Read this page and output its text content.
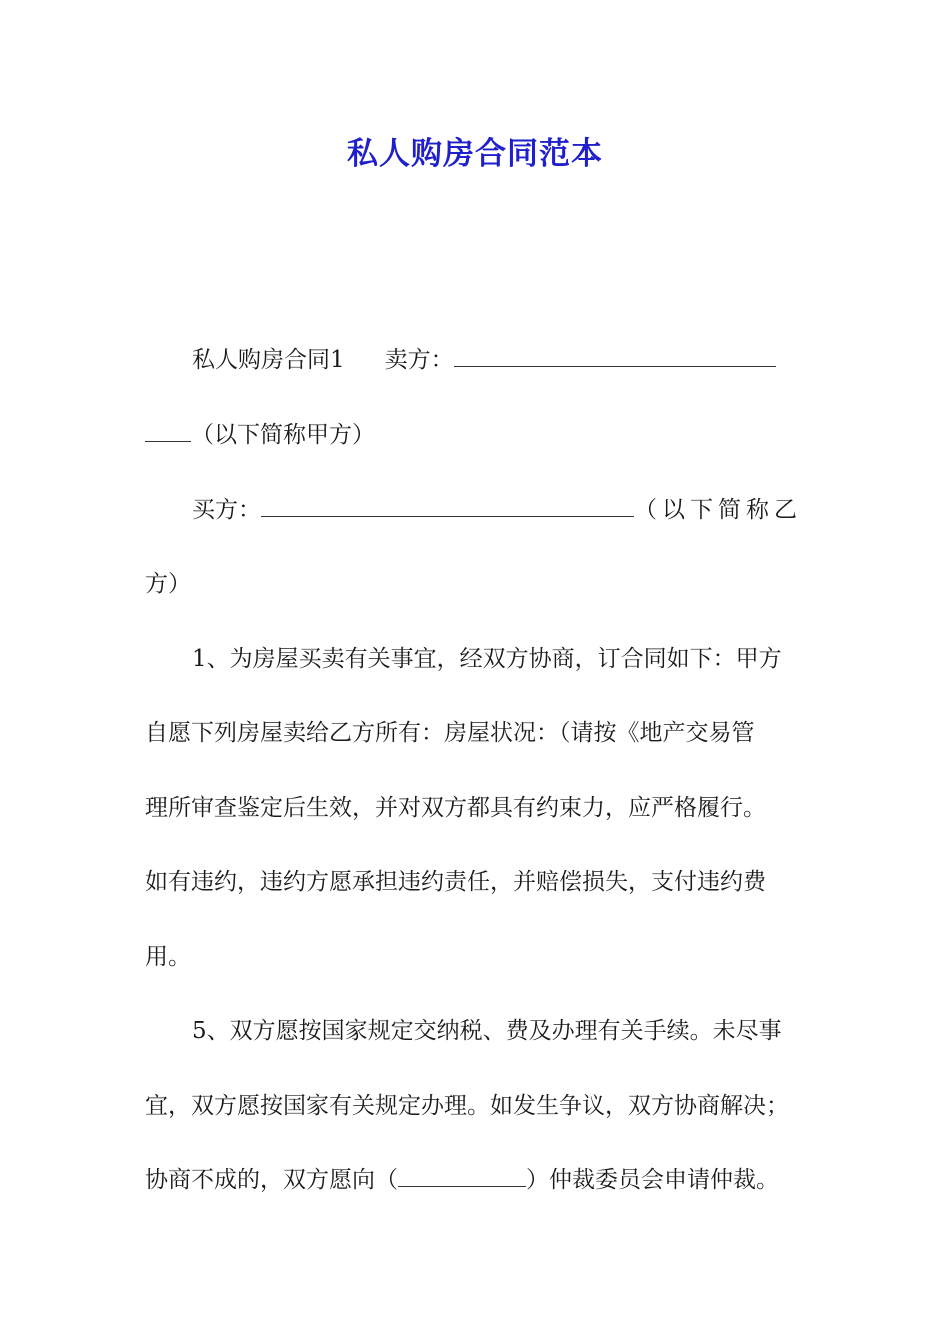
私人购房合同范本
私人购房合同1 卖方：
（以下简称甲方）
买方：	（以下简称乙
方）
1、为房屋买卖有关事宜，经双方协商，订合同如下：甲方
自愿下列房屋卖给乙方所有：房屋状况：（请按《地产交易管
理所审查鉴定后生效，并对双方都具有约束力，应严格履行。
如有违约，违约方愿承担违约责任，并赔偿损失，支付违约费
用。
5、双方愿按国家规定交纳税、费及办理有关手续。未尽事
宜，双方愿按国家有关规定办理。如发生争议，双方协商解决；
协商不成的，双方愿向（	）仲裁委员会申请仲裁。
